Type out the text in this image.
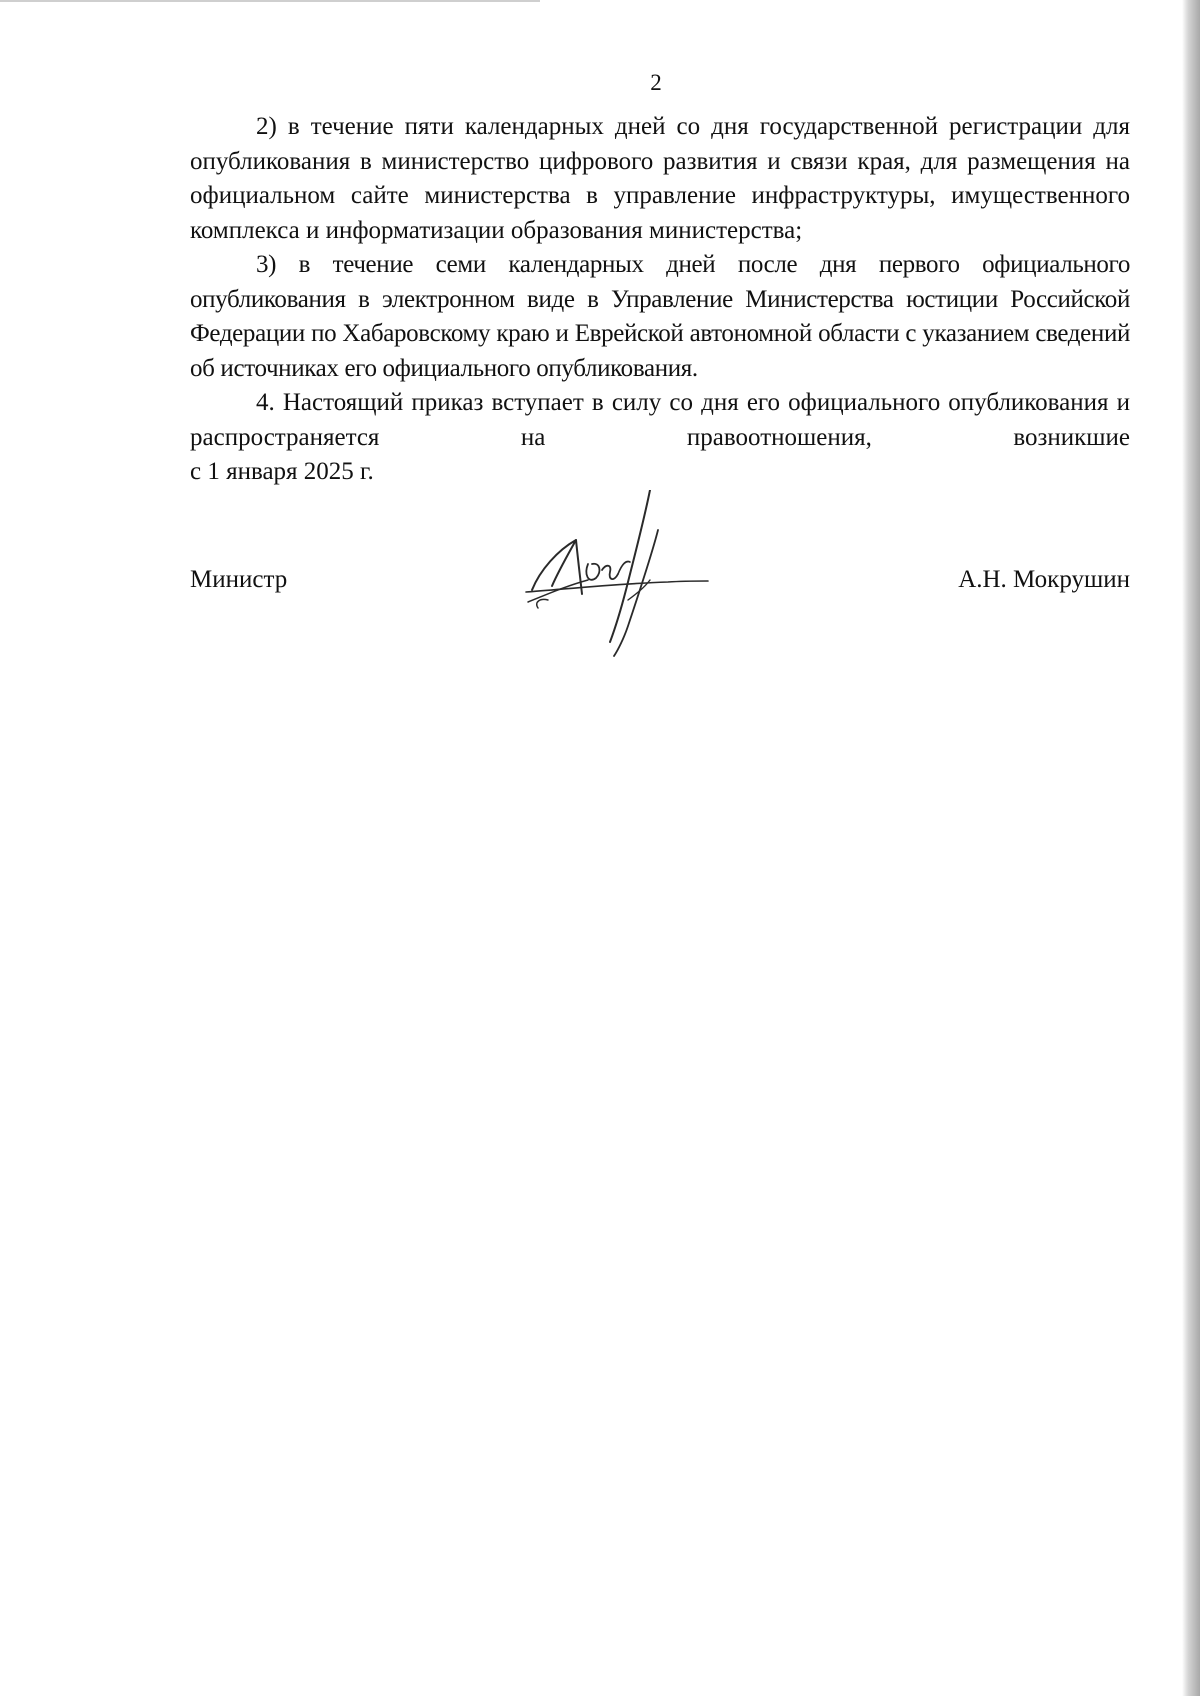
2

2) в течение пяти календарных дней со дня государственной регистрации для опубликования в министерство цифрового развития и связи края, для размещения на официальном сайте министерства в управление инфраструктуры, имущественного комплекса и информатизации образования министерства;

3) в течение семи календарных дней после дня первого официального опубликования в электронном виде в Управление Министерства юстиции Российской Федерации по Хабаровскому краю и Еврейской автономной области с указанием сведений об источниках его официального опубликования.

4. Настоящий приказ вступает в силу со дня его официального опубликования и распространяется на правоотношения, возникшие

с 1 января 2025 г.

Министр	А.Н. Мокрушин
